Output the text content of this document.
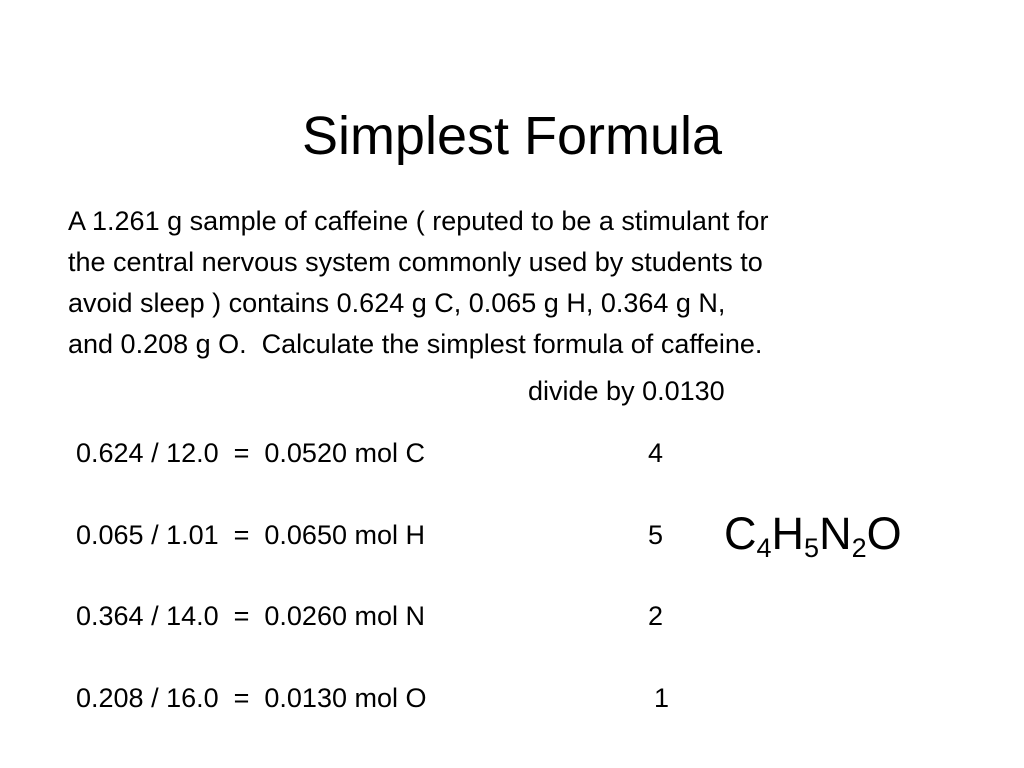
Simplest Formula
A 1.261 g sample of caffeine ( reputed to be a stimulant for
the central nervous system commonly used by students to
avoid sleep ) contains 0.624 g C, 0.065 g H, 0.364 g N,
and 0.208 g O.  Calculate the simplest formula of caffeine.
divide by 0.0130
0.624 / 12.0  =  0.0520 mol C	4
0.065 / 1.01  =  0.0650 mol H	5
0.364 / 14.0  =  0.0260 mol N	2
0.208 / 16.0  =  0.0130 mol O	1
$C_4H_5N_2O$
